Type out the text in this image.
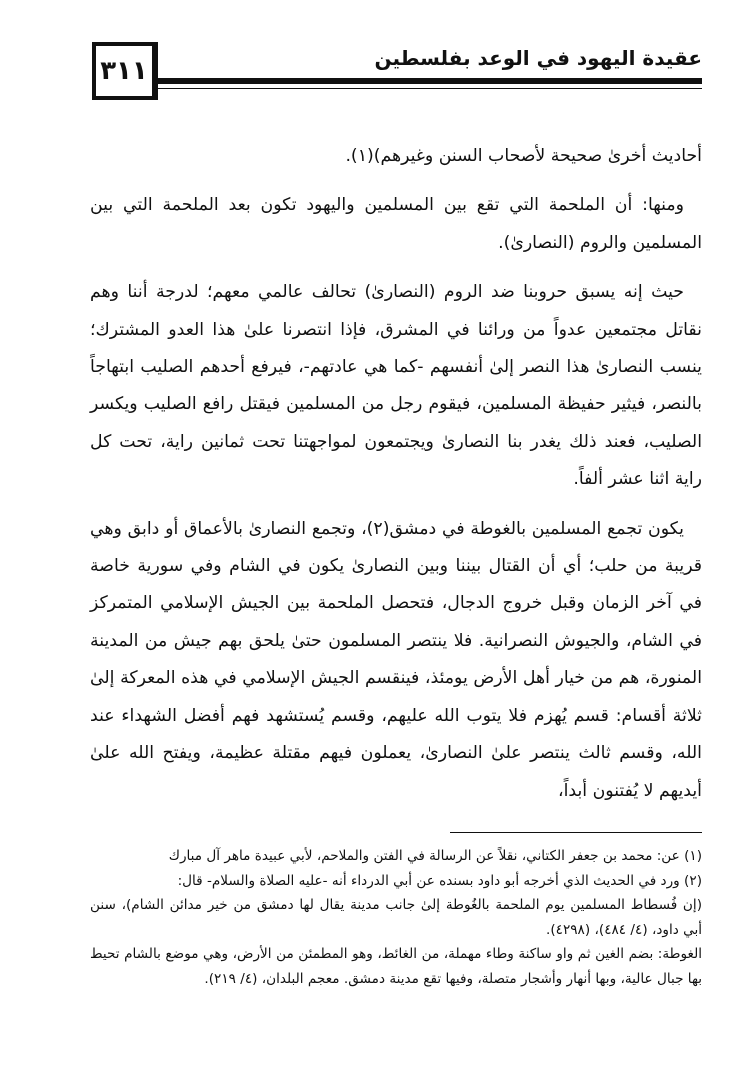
٣١١	عقيدة اليهود في الوعد بفلسطين

أحاديث أخرىٰ صحيحة لأصحاب السنن وغيرهم)(١).

ومنها: أن الملحمة التي تقع بين المسلمين واليهود تكون بعد الملحمة التي بين المسلمين والروم (النصارىٰ).

حيث إنه يسبق حروبنا ضد الروم (النصارىٰ) تحالف عالمي معهم؛ لدرجة أننا وهم نقاتل مجتمعين عدواً من ورائنا في المشرق، فإذا انتصرنا علىٰ هذا العدو المشترك؛ ينسب النصارىٰ هذا النصر إلىٰ أنفسهم -كما هي عادتهم-، فيرفع أحدهم الصليب ابتهاجاً بالنصر، فيثير حفيظة المسلمين، فيقوم رجل من المسلمين فيقتل رافع الصليب ويكسر الصليب، فعند ذلك يغدر بنا النصارىٰ ويجتمعون لمواجهتنا تحت ثمانين راية، تحت كل راية اثنا عشر ألفاً.

يكون تجمع المسلمين بالغوطة في دمشق(٢)، وتجمع النصارىٰ بالأعماق أو دابق وهي قريبة من حلب؛ أي أن القتال بيننا وبين النصارىٰ يكون في الشام وفي سورية خاصة في آخر الزمان وقبل خروج الدجال، فتحصل الملحمة بين الجيش الإسلامي المتمركز في الشام، والجيوش النصرانية. فلا ينتصر المسلمون حتىٰ يلحق بهم جيش من المدينة المنورة، هم من خيار أهل الأرض يومئذ، فينقسم الجيش الإسلامي في هذه المعركة إلىٰ ثلاثة أقسام: قسم يُهزم فلا يتوب الله عليهم، وقسم يُستشهد فهم أفضل الشهداء عند الله، وقسم ثالث ينتصر علىٰ النصارىٰ، يعملون فيهم مقتلة عظيمة، ويفتح الله علىٰ أيديهم لا يُفتنون أبداً،

(١) عن: محمد بن جعفر الكتاني، نقلاً عن الرسالة في الفتن والملاحم، لأبي عبيدة ماهر آل مبارك

(٢) ورد في الحديث الذي أخرجه أبو داود بسنده عن أبي الدرداء أنه -عليه الصلاة والسلام- قال:

(إن فُسطاط المسلمين يوم الملحمة بالغُوطة إلىٰ جانب مدينة يقال لها دمشق من خير مدائن الشام)، سنن أبي داود، (٤/ ٤٨٤)، (٤٢٩٨).

الغوطة: بضم الغين ثم واو ساكنة وطاء مهملة، من الغائط، وهو المطمئن من الأرض، وهي موضع بالشام تحيط بها جبال عالية، وبها أنهار وأشجار متصلة، وفيها تقع مدينة دمشق. معجم البلدان، (٤/ ٢١٩).
